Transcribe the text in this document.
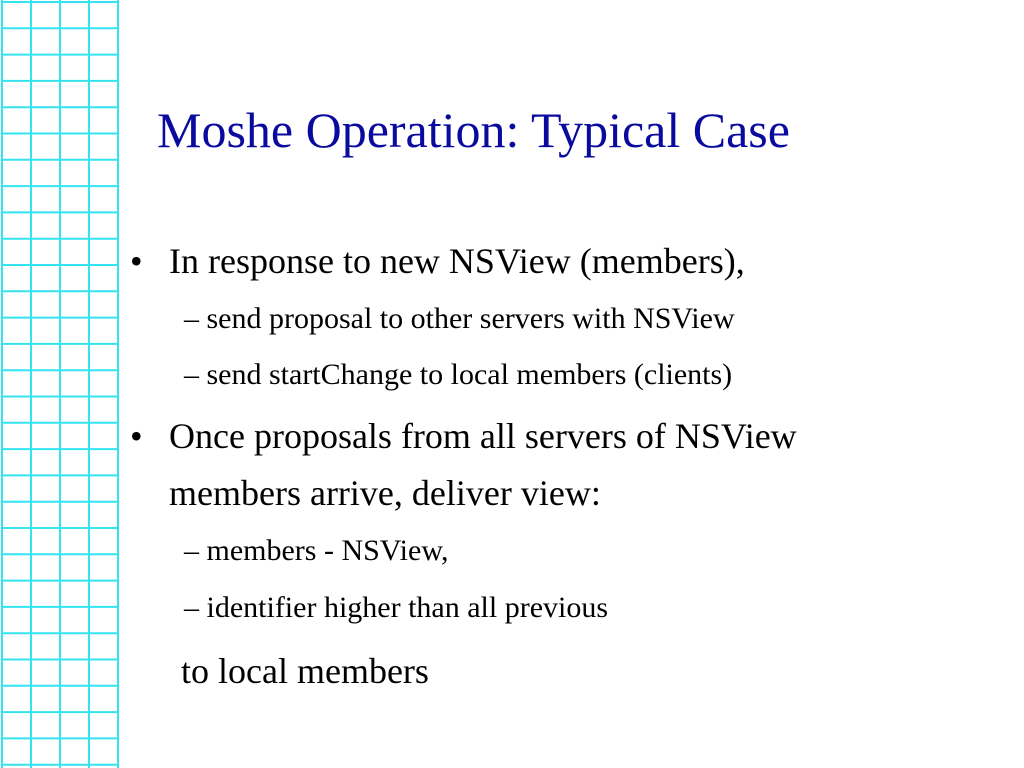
Moshe Operation: Typical Case
• In response to new NSView (members),
– send proposal to other servers with NSView
– send startChange to local members (clients)
• Once proposals from all servers of NSView
members arrive, deliver view:
– members - NSView,
– identifier higher than all previous
to local members
